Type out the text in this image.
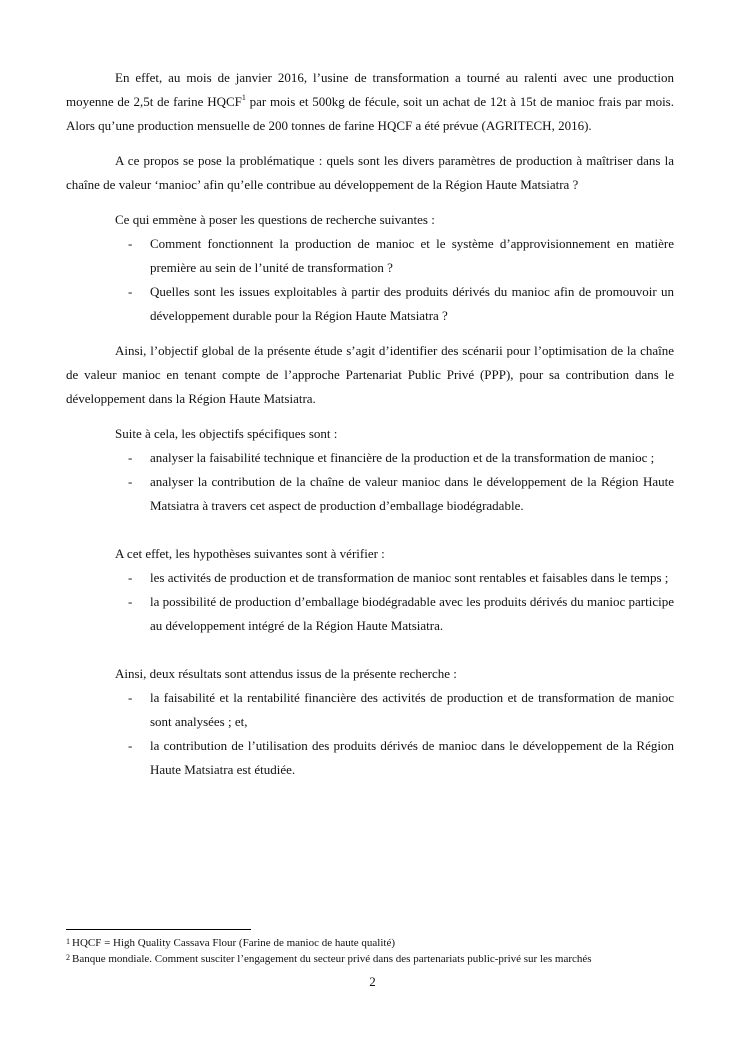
En effet, au mois de janvier 2016, l’usine de transformation a tourné au ralenti avec une production moyenne de 2,5t de farine HQCF$^1$ par mois et 500kg de fécule, soit un achat de 12t à 15t de manioc frais par mois. Alors qu’une production mensuelle de 200 tonnes de farine HQCF a été prévue (AGRITECH, 2016).

A ce propos se pose la problématique : quels sont les divers paramètres de production à maîtriser dans la chaîne de valeur ‘manioc’ afin qu’elle contribue au développement de la Région Haute Matsiatra ?

Ce qui emmène à poser les questions de recherche suivantes :

- Comment fonctionnent la production de manioc et le système d’approvisionnement en matière première au sein de l’unité de transformation ?
- Quelles sont les issues exploitables à partir des produits dérivés du manioc afin de promouvoir un développement durable pour la Région Haute Matsiatra ?

Ainsi, l’objectif global de la présente étude s’agit d’identifier des scénarii pour l’optimisation de la chaîne de valeur manioc en tenant compte de l’approche Partenariat Public Privé (PPP), pour sa contribution dans le développement dans la Région Haute Matsiatra.

Suite à cela, les objectifs spécifiques sont :

- analyser la faisabilité technique et financière de la production et de la transformation de manioc ;
- analyser la contribution de la chaîne de valeur manioc dans le développement de la Région Haute Matsiatra à travers cet aspect de production d’emballage biodégradable.

A cet effet, les hypothèses suivantes sont à vérifier :

- les activités de production et de transformation de manioc sont rentables et faisables dans le temps ;
- la possibilité de production d’emballage biodégradable avec les produits dérivés du manioc participe au développement intégré de la Région Haute Matsiatra.

Ainsi, deux résultats sont attendus issus de la présente recherche :

- la faisabilité et la rentabilité financière des activités de production et de transformation de manioc sont analysées ; et,
- la contribution de l’utilisation des produits dérivés de manioc dans le développement de la Région Haute Matsiatra est étudiée.

$^1$ HQCF = High Quality Cassava Flour (Farine de manioc de haute qualité)

$^2$ Banque mondiale. Comment susciter l’engagement du secteur privé dans des partenariats public-privé sur les marchés

2
